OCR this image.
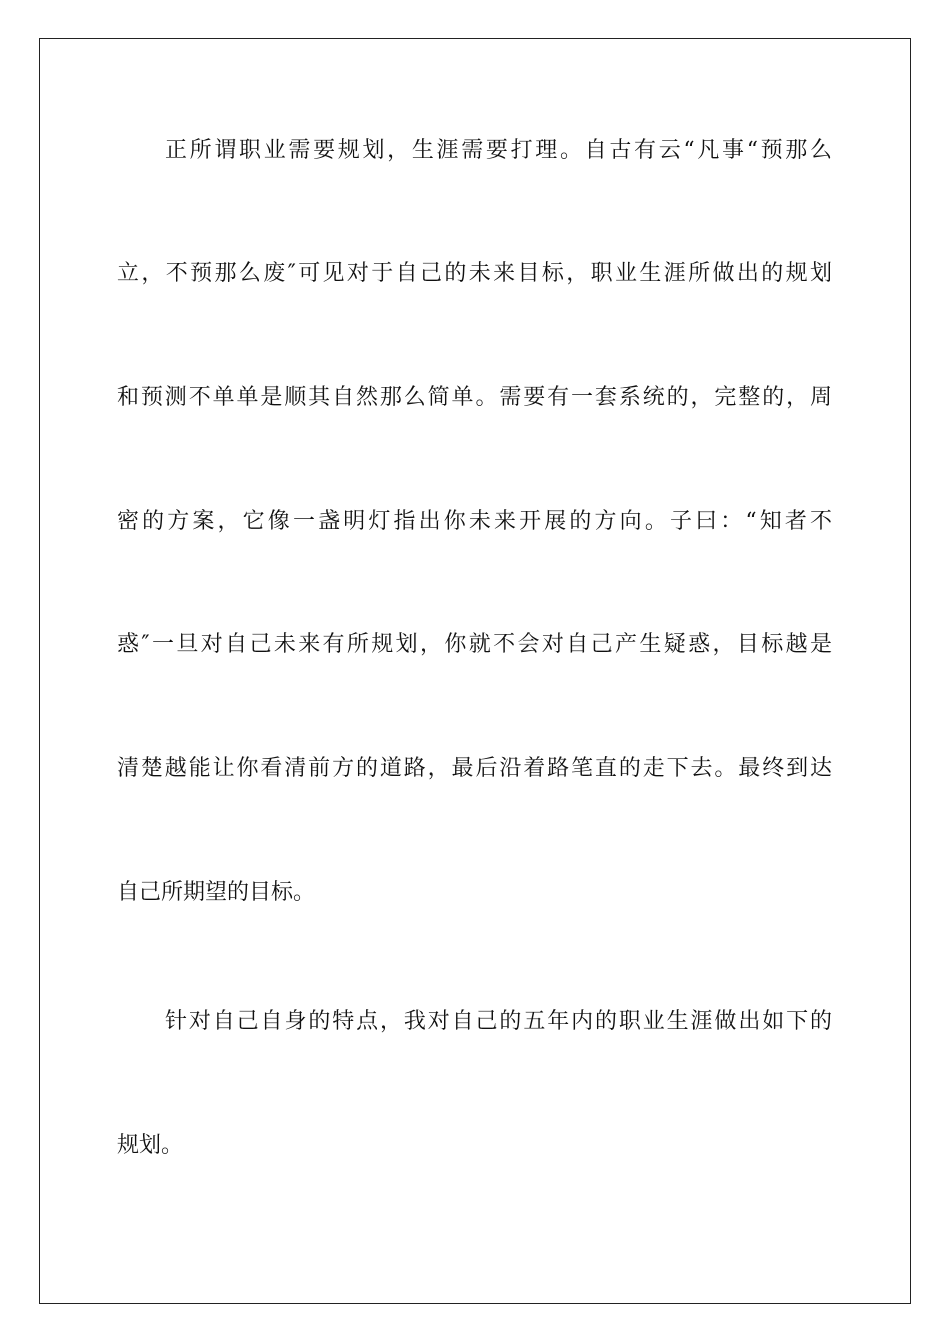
正所谓职业需要规划，生涯需要打理。自古有云“凡事“预那么
立，不预那么废″可见对于自己的未来目标，职业生涯所做出的规划
和预测不单单是顺其自然那么简单。需要有一套系统的，完整的，周
密的方案，它像一盏明灯指出你未来开展的方向。子曰：“知者不
惑″一旦对自己未来有所规划，你就不会对自己产生疑惑，目标越是
清楚越能让你看清前方的道路，最后沿着路笔直的走下去。最终到达
自己所期望的目标。
针对自己自身的特点，我对自己的五年内的职业生涯做出如下的
规划。
